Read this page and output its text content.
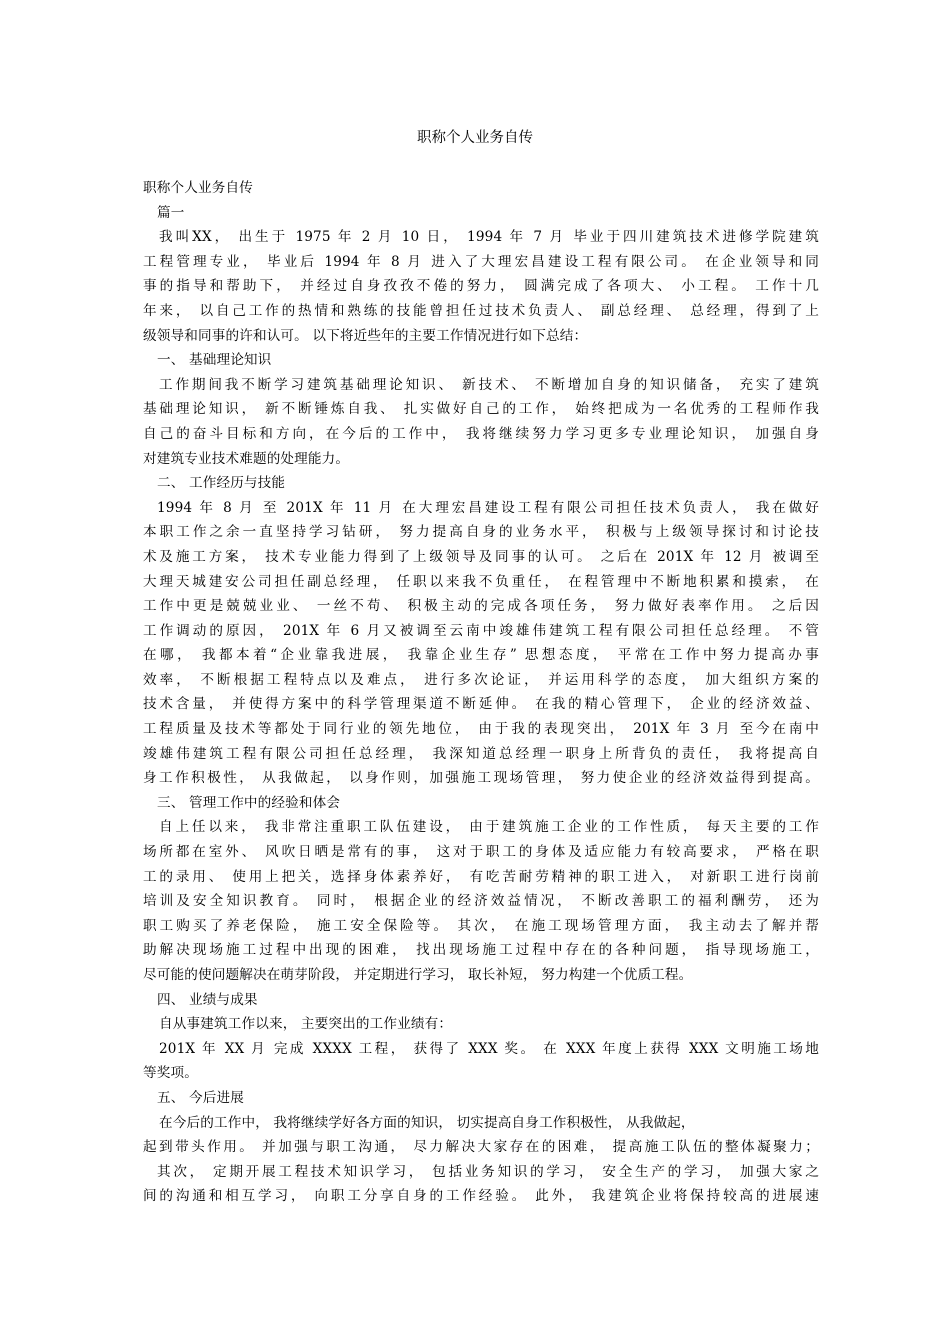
职称个人业务自传
职称个人业务自传
篇一
我叫XX， 出生于 1975 年 2 月 10 日， 1994 年 7 月 毕业于四川建筑技术进修学院建筑
工程管理专业， 毕业后 1994 年 8 月 进入了大理宏昌建设工程有限公司。 在企业领导和同
事的指导和帮助下， 并经过自身孜孜不倦的努力， 圆满完成了各项大、 小工程。 工作十几
年来， 以自己工作的热情和熟练的技能曾担任过技术负责人、 副总经理、 总经理，得到了上
级领导和同事的许和认可。 以下将近些年的主要工作情况进行如下总结：
一、 基础理论知识
工作期间我不断学习建筑基础理论知识、 新技术、 不断增加自身的知识储备， 充实了建筑
基础理论知识， 新不断锤炼自我、 扎实做好自己的工作， 始终把成为一名优秀的工程师作我
自己的奋斗目标和方向，在今后的工作中， 我将继续努力学习更多专业理论知识， 加强自身
对建筑专业技术难题的处理能力。
二、 工作经历与技能
1994 年 8 月 至 201X 年 11 月 在大理宏昌建设工程有限公司担任技术负责人， 我在做好
本职工作之余一直坚持学习钻研， 努力提高自身的业务水平， 积极与上级领导探讨和讨论技
术及施工方案， 技术专业能力得到了上级领导及同事的认可。 之后在 201X 年 12 月 被调至
大理天城建安公司担任副总经理， 任职以来我不负重任， 在程管理中不断地积累和摸索， 在
工作中更是兢兢业业、 一丝不苟、 积极主动的完成各项任务， 努力做好表率作用。 之后因
工作调动的原因， 201X 年 6 月又被调至云南中竣雄伟建筑工程有限公司担任总经理。 不管
在哪， 我都本着“企业靠我进展， 我靠企业生存” 思想态度， 平常在工作中努力提高办事
效率， 不断根据工程特点以及难点， 进行多次论证， 并运用科学的态度， 加大组织方案的
技术含量， 并使得方案中的科学管理渠道不断延伸。 在我的精心管理下， 企业的经济效益、
工程质量及技术等都处于同行业的领先地位， 由于我的表现突出， 201X 年 3 月 至今在南中
竣雄伟建筑工程有限公司担任总经理， 我深知道总经理一职身上所背负的责任， 我将提高自
身工作积极性， 从我做起， 以身作则，加强施工现场管理， 努力使企业的经济效益得到提高。
三、 管理工作中的经验和体会
自上任以来， 我非常注重职工队伍建设， 由于建筑施工企业的工作性质， 每天主要的工作
场所都在室外、 风吹日晒是常有的事， 这对于职工的身体及适应能力有较高要求， 严格在职
工的录用、 使用上把关，选择身体素养好， 有吃苦耐劳精神的职工进入， 对新职工进行岗前
培训及安全知识教育。 同时， 根据企业的经济效益情况， 不断改善职工的福利酬劳， 还为
职工购买了养老保险， 施工安全保险等。 其次， 在施工现场管理方面， 我主动去了解并帮
助解决现场施工过程中出现的困难， 找出现场施工过程中存在的各种问题， 指导现场施工，
尽可能的使问题解决在萌芽阶段， 并定期进行学习， 取长补短， 努力构建一个优质工程。
四、 业绩与成果
自从事建筑工作以来， 主要突出的工作业绩有：
201X 年 XX 月 完成 XXXX 工程， 获得了 XXX 奖。 在 XXX 年度上获得 XXX 文明施工场地
等奖项。
五、 今后进展
在今后的工作中， 我将继续学好各方面的知识， 切实提高自身工作积极性， 从我做起，
起到带头作用。 并加强与职工沟通， 尽力解决大家存在的困难， 提高施工队伍的整体凝聚力；
其次， 定期开展工程技术知识学习， 包括业务知识的学习， 安全生产的学习， 加强大家之
间的沟通和相互学习， 向职工分享自身的工作经验。 此外， 我建筑企业将保持较高的进展速
